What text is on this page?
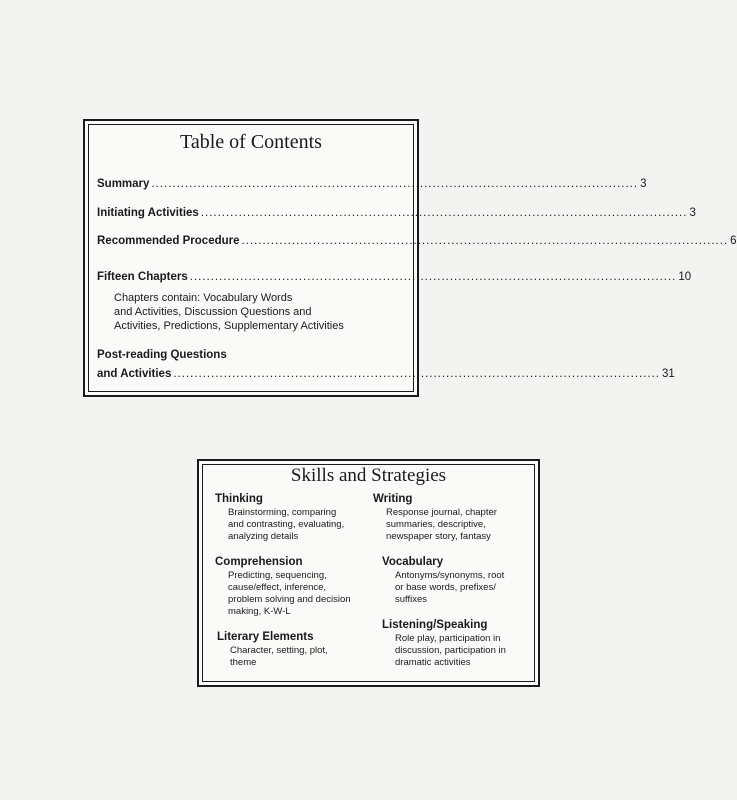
Table of Contents
Summary .................................................................................................................... 3
Initiating Activities .................................................................................................................... 3
Recommended Procedure .................................................................................................................... 6
Fifteen Chapters .................................................................................................................... 10
Chapters contain: Vocabulary Words
and Activities, Discussion Questions and
Activities, Predictions, Supplementary Activities
Post-reading Questions
and Activities .................................................................................................................... 31
Skills and Strategies
Thinking
Brainstorming, comparing
and contrasting, evaluating,
analyzing details
Comprehension
Predicting, sequencing,
cause/effect, inference,
problem solving and decision
making, K-W-L
Literary Elements
Character, setting, plot,
theme
Writing
Response journal, chapter
summaries, descriptive,
newspaper story, fantasy
Vocabulary
Antonyms/synonyms, root
or base words, prefixes/
suffixes
Listening/Speaking
Role play, participation in
discussion, participation in
dramatic activities
